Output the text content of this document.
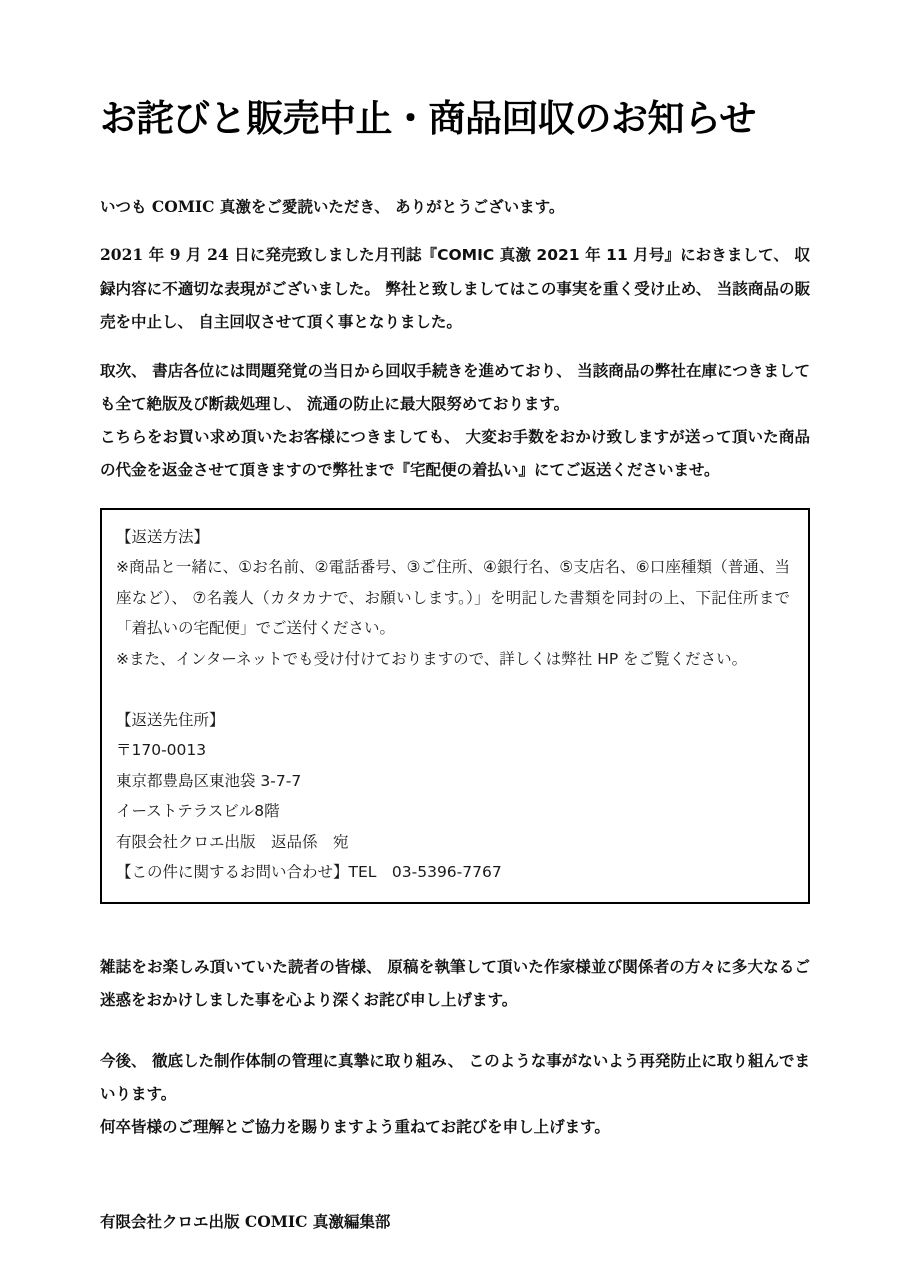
お詫びと販売中止・商品回収のお知らせ

いつも COMIC 真激をご愛読いただき、 ありがとうございます。

2021 年 9 月 24 日に発売致しました月刊誌『COMIC 真激 2021 年 11 月号』におきまして、 収録内容に不適切な表現がございました。 弊社と致しましてはこの事実を重く受け止め、 当該商品の販売を中止し、 自主回収させて頂く事となりました。

取次、 書店各位には問題発覚の当日から回収手続きを進めており、 当該商品の弊社在庫につきましても全て絶版及び断裁処理し、 流通の防止に最大限努めております。
こちらをお買い求め頂いたお客様につきましても、 大変お手数をおかけ致しますが送って頂いた商品の代金を返金させて頂きますので弊社まで『宅配便の着払い』にてご返送くださいませ。
【返送方法】
※商品と一緒に、①お名前、②電話番号、③ご住所、④銀行名、⑤支店名、⑥口座種類（普通、当座など）、 ⑦名義人（カタカナで、お願いします。）」を明記した書類を同封の上、下記住所まで「着払いの宅配便」でご送付ください。
※また、インターネットでも受け付けておりますので、詳しくは弊社 HP をご覧ください。
【返送先住所】
〒170-0013
東京都豊島区東池袋 3-7-7
イーストテラスビル8階
有限会社クロエ出版　返品係　宛
【この件に関するお問い合わせ】TEL　03-5396-7767

雑誌をお楽しみ頂いていた読者の皆様、 原稿を執筆して頂いた作家様並び関係者の方々に多大なるご迷惑をおかけしました事を心より深くお詫び申し上げます。

今後、 徹底した制作体制の管理に真摯に取り組み、 このような事がないよう再発防止に取り組んでまいります。
何卒皆様のご理解とご協力を賜りますよう重ねてお詫びを申し上げます。

有限会社クロエ出版 COMIC 真激編集部
